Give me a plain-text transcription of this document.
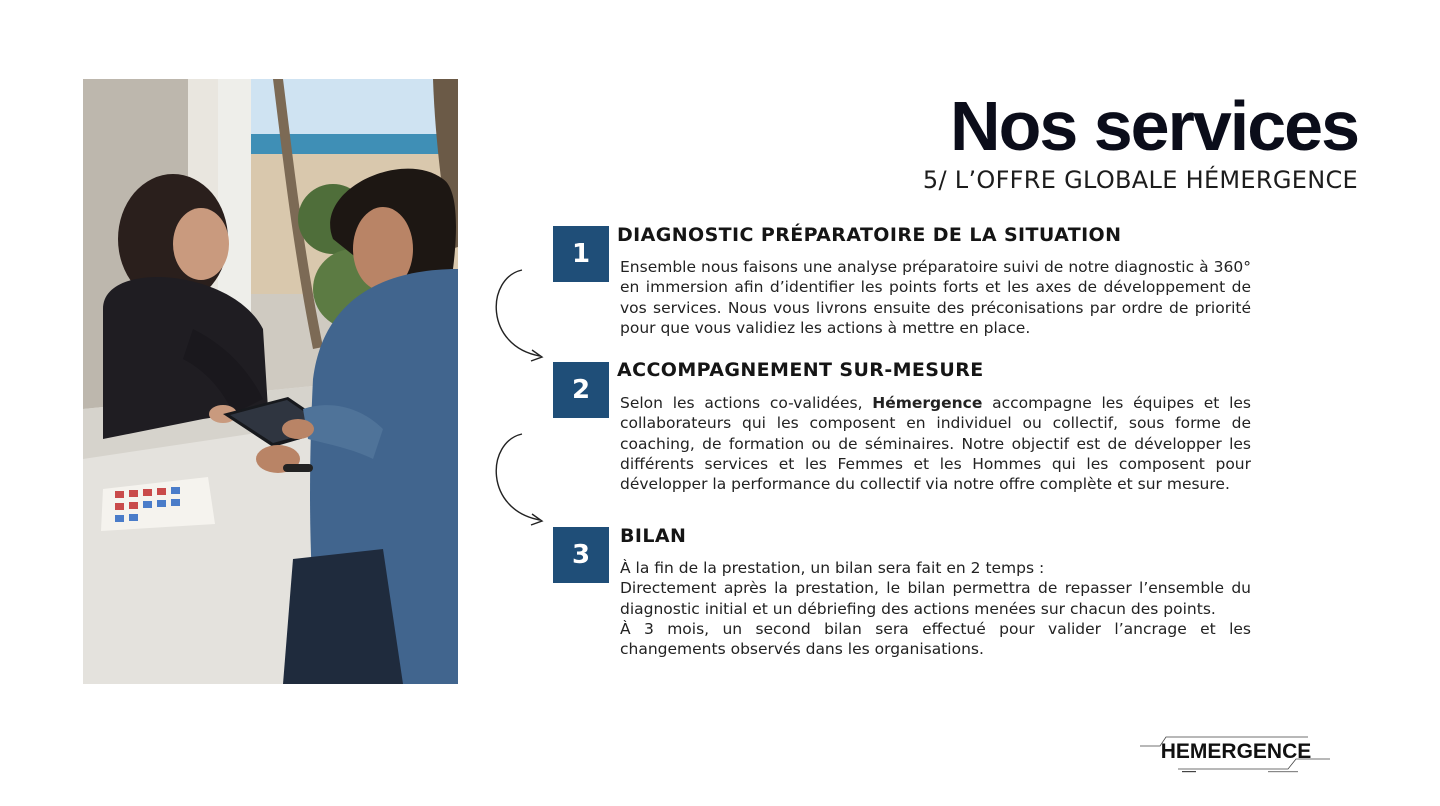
Nos services
5/ L’OFFRE GLOBALE HÉMERGENCE
1
DIAGNOSTIC PRÉPARATOIRE DE LA SITUATION

Ensemble nous faisons une analyse préparatoire suivi de notre diagnostic à 360° en immersion afin d’identifier les points forts et les axes de développement de vos services. Nous vous livrons ensuite des préconisations par ordre de priorité pour que vous validiez les actions à mettre en place.

2
ACCOMPAGNEMENT SUR-MESURE

Selon les actions co-validées, Hémergence accompagne les équipes et les collaborateurs qui les composent en individuel ou collectif, sous forme de coaching, de formation ou de séminaires. Notre objectif est de développer les différents services et les Femmes et les Hommes qui les composent pour développer la performance du collectif via notre offre complète et sur mesure.

3
BILAN

À la fin de la prestation, un bilan sera fait en 2 temps :

Directement après la prestation, le bilan permettra de repasser l’ensemble du diagnostic initial et un débriefing des actions menées sur chacun des points.

À 3 mois, un second bilan sera effectué pour valider l’ancrage et les changements observés dans les organisations.

HEMERGENCE
